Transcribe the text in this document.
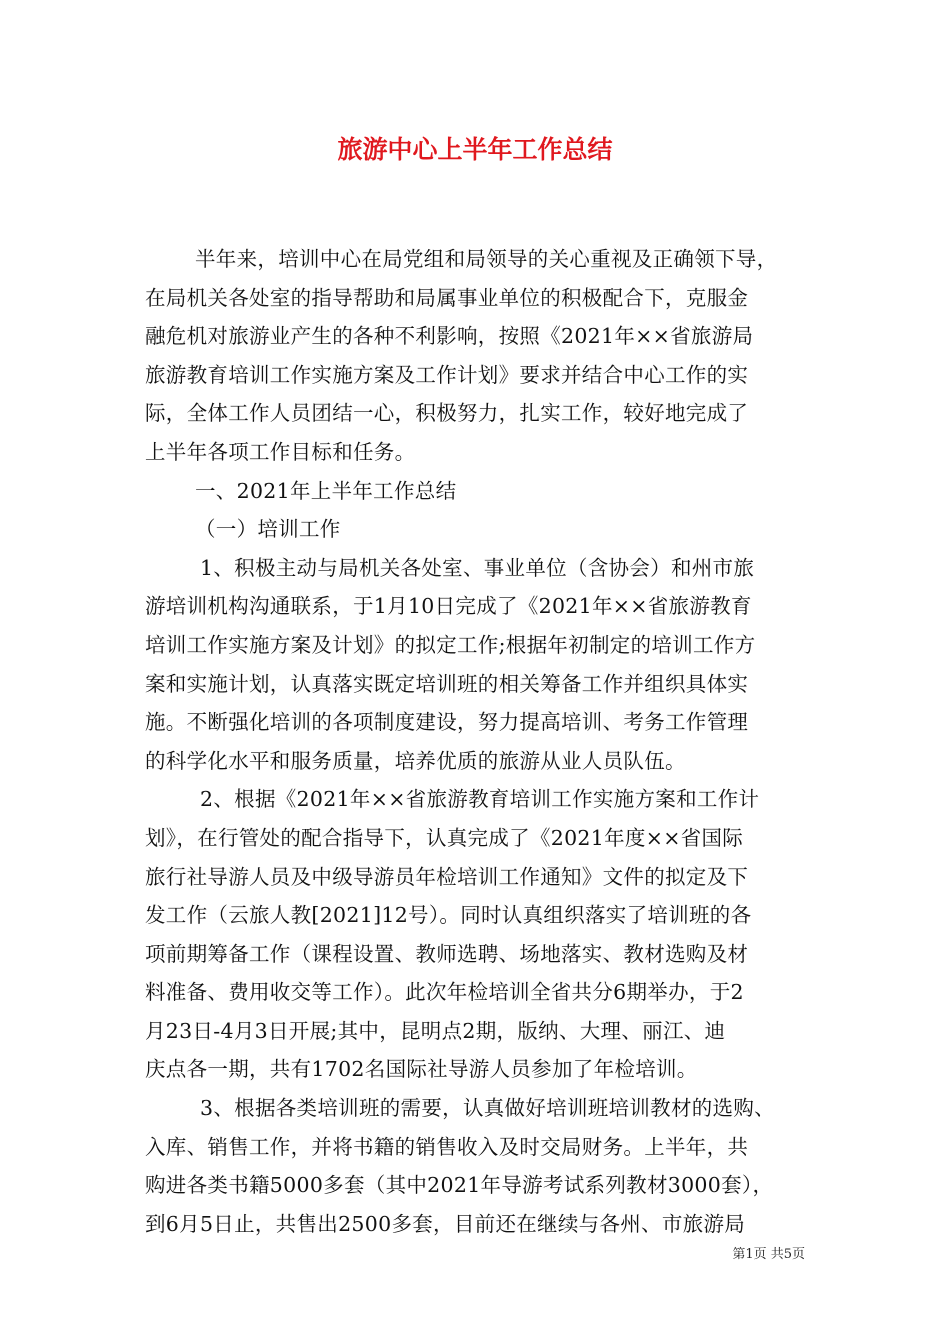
旅游中心上半年工作总结
半年来，培训中心在局党组和局领导的关心重视及正确领下导，
在局机关各处室的指导帮助和局属事业单位的积极配合下，克服金
融危机对旅游业产生的各种不利影响，按照《2021年××省旅游局
旅游教育培训工作实施方案及工作计划》要求并结合中心工作的实
际，全体工作人员团结一心，积极努力，扎实工作，较好地完成了
上半年各项工作目标和任务。
一、2021年上半年工作总结
（一）培训工作
1、积极主动与局机关各处室、事业单位（含协会）和州市旅
游培训机构沟通联系，于1月10日完成了《2021年××省旅游教育
培训工作实施方案及计划》的拟定工作;根据年初制定的培训工作方
案和实施计划，认真落实既定培训班的相关筹备工作并组织具体实
施。不断强化培训的各项制度建设，努力提高培训、考务工作管理
的科学化水平和服务质量，培养优质的旅游从业人员队伍。
2、根据《2021年××省旅游教育培训工作实施方案和工作计
划》，在行管处的配合指导下，认真完成了《2021年度××省国际
旅行社导游人员及中级导游员年检培训工作通知》文件的拟定及下
发工作（云旅人教[2021]12号）。同时认真组织落实了培训班的各
项前期筹备工作（课程设置、教师选聘、场地落实、教材选购及材
料准备、费用收交等工作）。此次年检培训全省共分6期举办，于2
月23日-4月3日开展;其中，昆明点2期，版纳、大理、丽江、迪
庆点各一期，共有1702名国际社导游人员参加了年检培训。
3、根据各类培训班的需要，认真做好培训班培训教材的选购、
入库、销售工作，并将书籍的销售收入及时交局财务。上半年，共
购进各类书籍5000多套（其中2021年导游考试系列教材3000套），
到6月5日止，共售出2500多套，目前还在继续与各州、市旅游局
第1页 共5页
